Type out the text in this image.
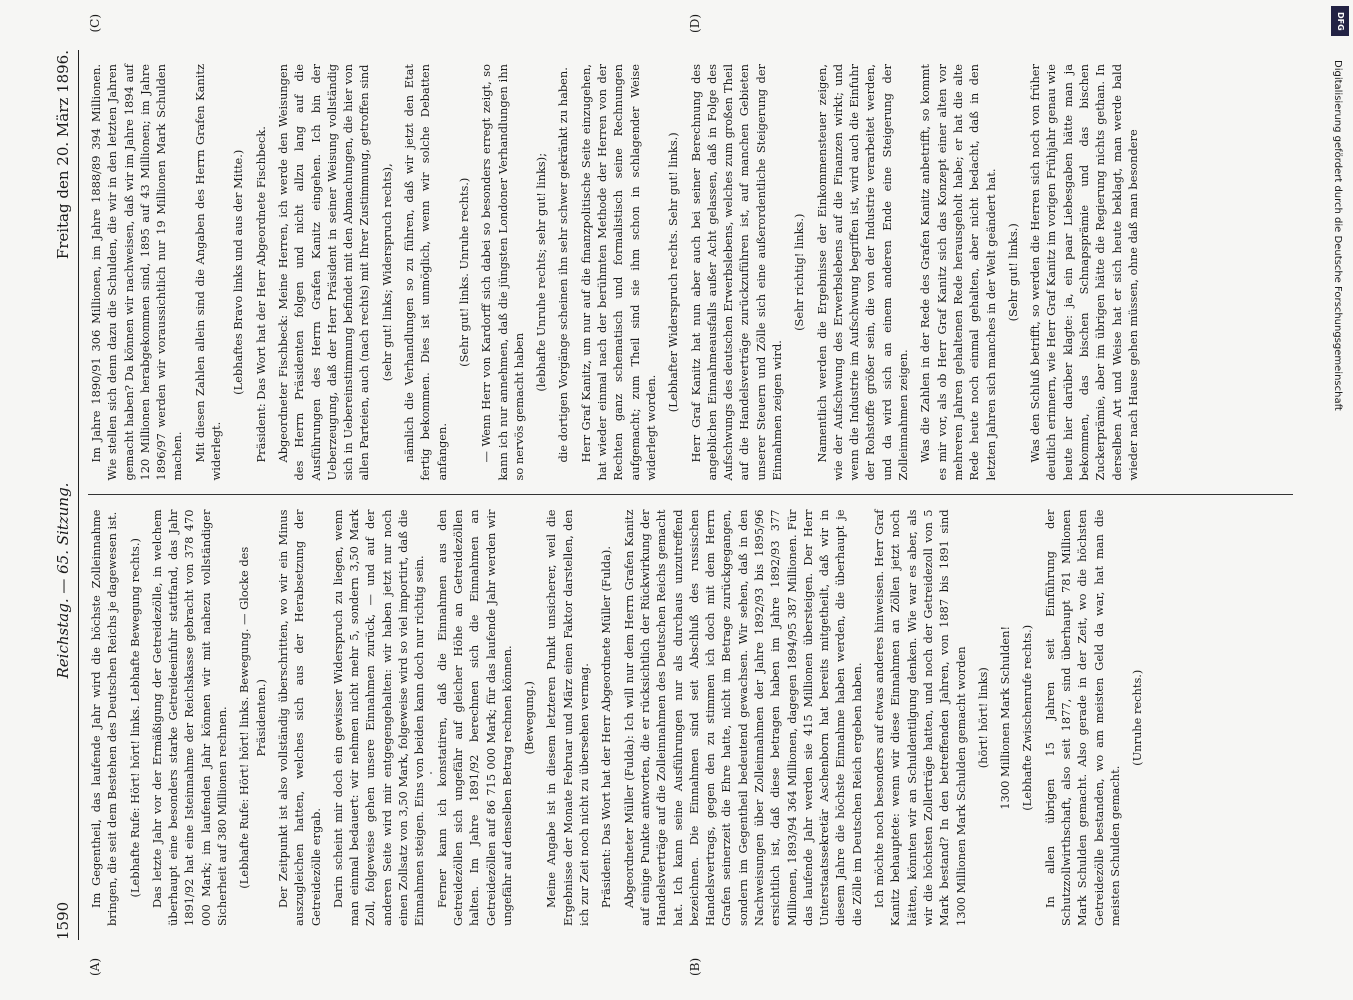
1590
Reichstag. — 65. Sitzung.
Freitag den 20. März 1896.
(A)	(B)

Im Gegentheil, das laufende Jahr wird die höchste Zolleinnahme bringen, die seit dem Bestehen des Deutschen Reichs je dagewesen ist. (Lebhafte Rufe: Hört! hört! links. Lebhafte Bewegung rechts.) Das letzte Jahr vor der Ermäßigung der Getreidezölle, in welchem überhaupt eine besonders starke Getreideeinfuhr stattfand, das Jahr 1891/92 hat eine Isteinnahme der Reichskasse gebracht von 378 470 000 Mark; im laufenden Jahr können wir mit nahezu vollständiger Sicherheit auf 380 Millionen rechnen. (Lebhafte Rufe: Hört! hört! links. Bewegung. — Glocke des Präsidenten.) Der Zeitpunkt ist also vollständig überschritten, wo wir ein Minus auszugleichen hatten, welches sich aus der Herabsetzung der Getreidezölle ergab. Darin scheint mir doch ein gewisser Widerspruch zu liegen, wenn man einmal bedauert: wir nehmen nicht mehr 5, sondern 3,50 Mark Zoll, folgeweise gehen unsere Einnahmen zurück, — und auf der anderen Seite wird mir entgegengehalten: wir haben jetzt nur noch einen Zollsatz von 3,50 Mark, folgeweise wird so viel importirt, daß die Einnahmen steigen. Eins von beiden kann doch nur richtig sein. Ferner kann ich konstatiren, daß die Einnahmen aus den Getreidezöllen sich ungefähr auf gleicher Höhe an Getreidezöllen halten. Im Jahre 1891/92 berechnen sich die Einnahmen an Getreidezöllen auf 86 715 000 Mark; für das laufende Jahr werden wir ungefähr auf denselben Betrag rechnen können. (Bewegung.) Meine Angabe ist in diesem letzteren Punkt unsicherer, weil die Ergebnisse der Monate Februar und März einen Faktor darstellen, den ich zur Zeit noch nicht zu übersehen vermag. Präsident: Das Wort hat der Herr Abgeordnete Müller (Fulda). Abgeordneter Müller (Fulda): Ich will nur dem Herrn Grafen Kanitz auf einige Punkte antworten, die er rücksichtlich der Rückwirkung der Handelsverträge auf die Zolleinnahmen des Deutschen Reichs gemacht hat. Ich kann seine Ausführungen nur als durchaus unzutreffend bezeichnen. Die Einnahmen sind seit Abschluß des russischen Handelsvertrags, gegen den zu stimmen ich doch mit dem Herrn Grafen seinerzeit die Ehre hatte, nicht im Betrage zurückgegangen, sondern im Gegentheil bedeutend gewachsen. Wir sehen, daß in den Nachweisungen über Zolleinnahmen der Jahre 1892/93 bis 1895/96 ersichtlich ist, daß diese betragen haben im Jahre 1892/93 377 Millionen, 1893/94 364 Millionen, dagegen 1894/95 387 Millionen. Für das laufende Jahr werden sie 415 Millionen übersteigen. Der Herr Unterstaatssekretär Aschenborn hat bereits mitgetheilt, daß wir in diesem Jahre die höchste Einnahme haben werden, die überhaupt je die Zölle im Deutschen Reich ergeben haben. Ich möchte noch besonders auf etwas anderes hinweisen. Herr Graf Kanitz behauptete: wenn wir diese Einnahmen an Zöllen jetzt noch hätten, könnten wir an Schuldentilgung denken. Wie war es aber, als wir die höchsten Zollerträge hatten, und noch der Getreidezoll von 5 Mark bestand? In den betreffenden Jahren, von 1887 bis 1891 sind 1300 Millionen Mark Schulden gemacht worden (hört! hört! links) 1300 Millionen Mark Schulden! (Lebhafte Zwischenrufe rechts.) In allen übrigen 15 Jahren seit Einführung der Schutzzollwirthschaft, also seit 1877, sind überhaupt 781 Millionen Mark Schulden gemacht. Also gerade in der Zeit, wo die höchsten Getreidezölle bestanden, wo am meisten Geld da war, hat man die meisten Schulden gemacht.

(Unruhe rechts.)

(C)	(D)

Im Jahre 1890/91 306 Millionen, im Jahre 1888/89 394 Millionen. Wie stellen sich denn dazu die Schulden, die wir in den letzten Jahren gemacht haben? Da können wir nachweisen, daß wir im Jahre 1894 auf 120 Millionen herabgekommen sind, 1895 auf 43 Millionen; im Jahre 1896/97 werden wir voraussichtlich nur 19 Millionen Mark Schulden machen. Mit diesen Zahlen allein sind die Angaben des Herrn Grafen Kanitz widerlegt.

(Lebhaftes Bravo links und aus der Mitte.) Präsident: Das Wort hat der Herr Abgeordnete Fischbeck. Abgeordneter Fischbeck: Meine Herren, ich werde den Weisungen des Herrn Präsidenten folgen und nicht allzu lang auf die Ausführungen des Herrn Grafen Kanitz eingehen. Ich bin der Ueberzeugung, daß der Herr Präsident in seiner Weisung vollständig sich in Uebereinstimmung befindet mit den Abmachungen, die hier von allen Parteien, auch (nach rechts) mit Ihrer Zustimmung, getroffen sind (sehr gut! links; Widerspruch rechts), nämlich die Verhandlungen so zu führen, daß wir jetzt den Etat fertig bekommen. Dies ist unmöglich, wenn wir solche Debatten anfangen.

(Sehr gut! links. Unruhe rechts.) — Wenn Herr von Kardorff sich dabei so besonders erregt zeigt, so kann ich nur annehmen, daß die jüngsten Londoner Verhandlungen ihn so nervös gemacht haben

(lebhafte Unruhe rechts; sehr gut! links); die dortigen Vorgänge scheinen ihn sehr schwer gekränkt zu haben. Herr Graf Kanitz, um nur auf die finanzpolitische Seite einzugehen, hat wieder einmal nach der berühmten Methode der Herren von der Rechten ganz schematisch und formalistisch seine Rechnungen aufgemacht; zum Theil sind sie ihm schon in schlagender Weise widerlegt worden.

(Lebhafter Widerspruch rechts. Sehr gut! links.) Herr Graf Kanitz hat nun aber auch bei seiner Berechnung des angeblichen Einnahmeausfalls außer Acht gelassen, daß in Folge des Aufschwungs des deutschen Erwerbslebens, welches zum großen Theil auf die Handelsverträge zurückzuführen ist, auf manchen Gebieten unserer Steuern und Zölle sich eine außerordentliche Steigerung der Einnahmen zeigen wird.

(Sehr richtig! links.) Namentlich werden die Ergebnisse der Einkommensteuer zeigen, wie der Aufschwung des Erwerbslebens auf die Finanzen wirkt; und wenn die Industrie im Aufschwung begriffen ist, wird auch die Einfuhr der Rohstoffe größer sein, die von der Industrie verarbeitet werden, und da wird sich an einem anderen Ende eine Steigerung der Zolleinnahmen zeigen. Was die Zahlen in der Rede des Grafen Kanitz anbetrifft, so kommt es mir vor, als ob Herr Graf Kanitz sich das Konzept einer alten vor mehreren Jahren gehaltenen Rede herausgeholt habe; er hat die alte Rede heute noch einmal gehalten, aber nicht bedacht, daß in den letzten Jahren sich manches in der Welt geändert hat. (Sehr gut! links.) Was den Schluß betrifft, so werden die Herren sich noch von früher deutlich erinnern, wie Herr Graf Kanitz im vorigen Frühjahr genau wie heute hier darüber klagte: ja, ein paar Liebesgaben hätte man ja bekommen, das bischen Schnapsprämie und das bischen Zuckerprämie, aber im übrigen hätte die Regierung nichts gethan. In derselben Art und Weise hat er sich heute beklagt, man werde bald wieder nach Hause gehen müssen, ohne daß man besondere	Digitalisierung gefördert durch die Deutsche Forschungsgemeinschaft
DFG
